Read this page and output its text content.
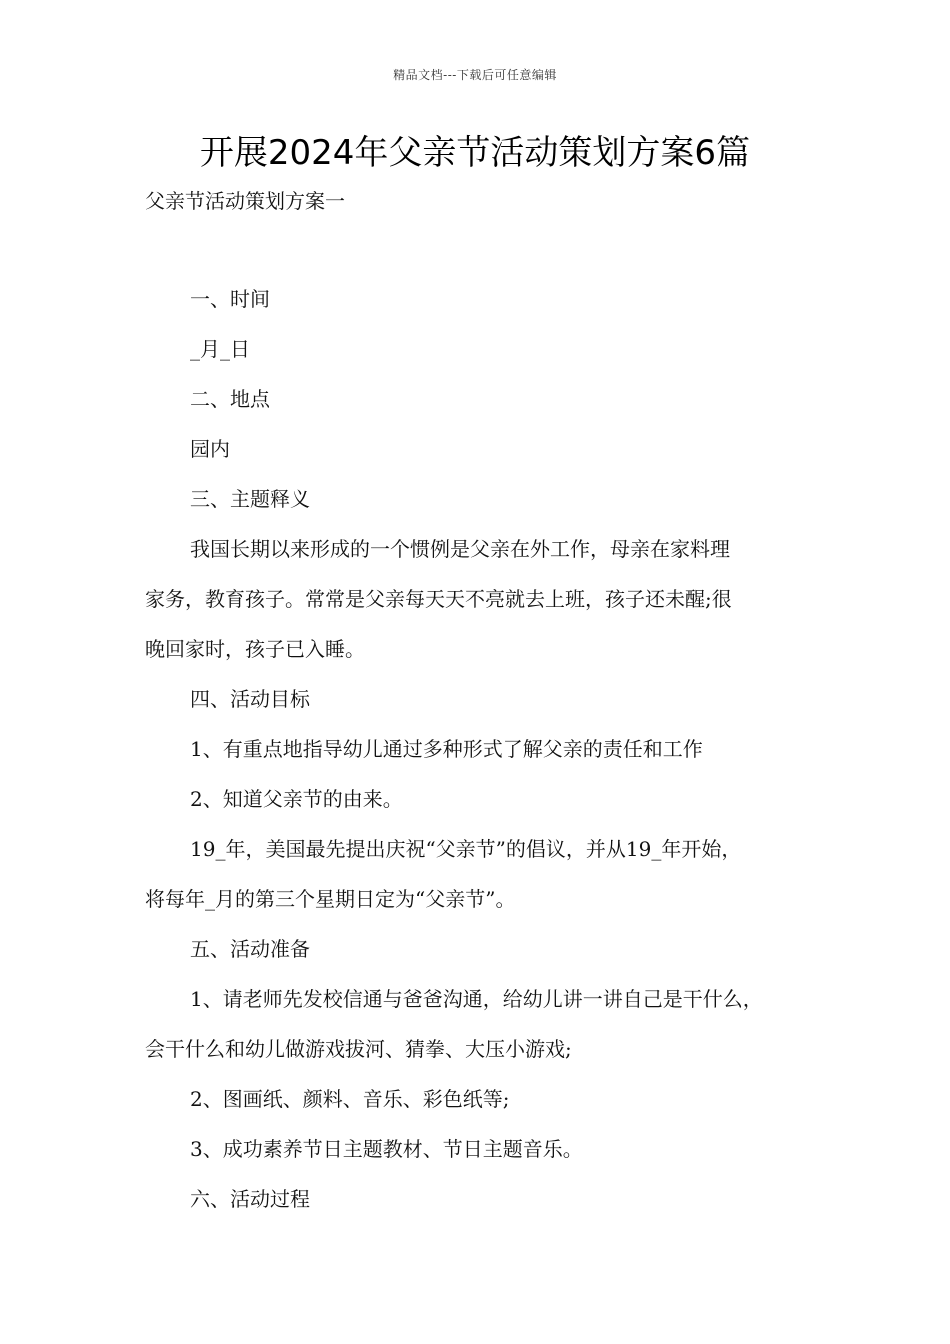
精品文档---下载后可任意编辑
开展2024年父亲节活动策划方案6篇
父亲节活动策划方案一
一、时间
_月_日
二、地点
园内
三、主题释义
我国长期以来形成的一个惯例是父亲在外工作，母亲在家料理
家务，教育孩子。常常是父亲每天天不亮就去上班，孩子还未醒;很
晚回家时，孩子已入睡。
四、活动目标
1、有重点地指导幼儿通过多种形式了解父亲的责任和工作
2、知道父亲节的由来。
19_年，美国最先提出庆祝“父亲节”的倡议，并从19_年开始，
将每年_月的第三个星期日定为“父亲节”。
五、活动准备
1、请老师先发校信通与爸爸沟通，给幼儿讲一讲自己是干什么，
会干什么和幼儿做游戏拔河、猜拳、大压小游戏;
2、图画纸、颜料、音乐、彩色纸等;
3、成功素养节日主题教材、节日主题音乐。
六、活动过程
